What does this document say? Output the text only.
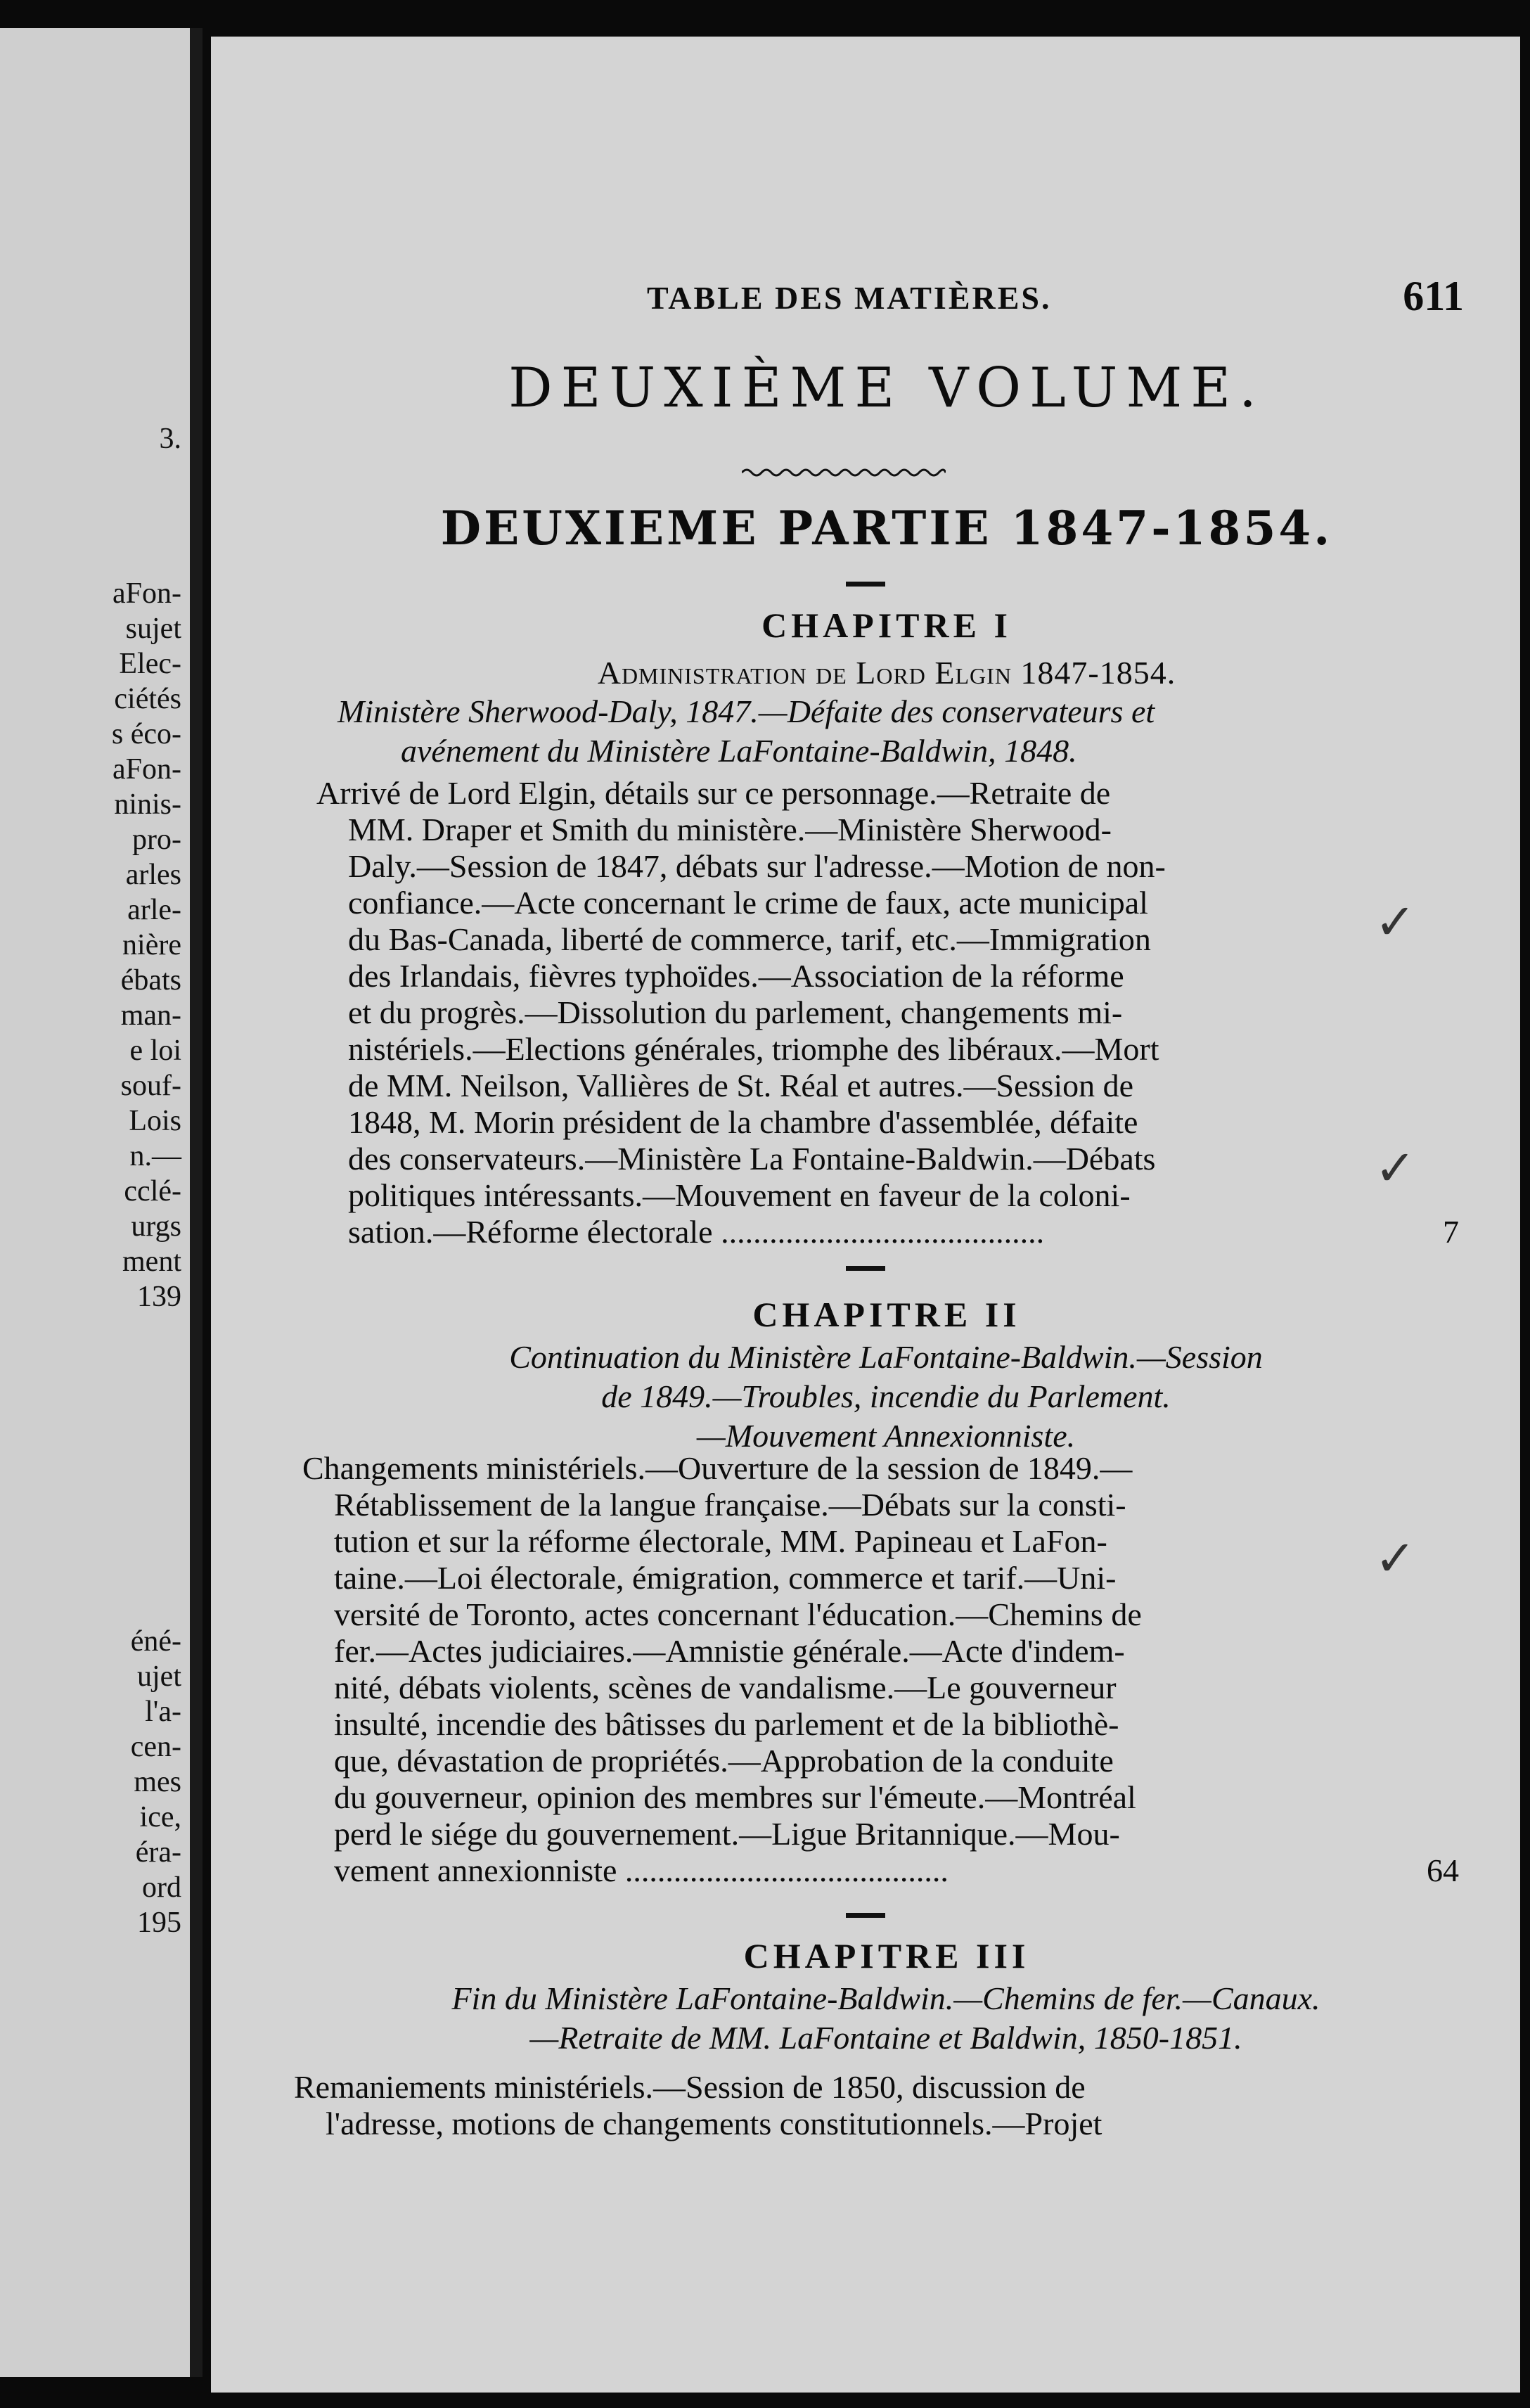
3.
aFon-
sujet
Elec-
ciétés
s éco-
aFon-
ninis-
pro-
arles
arle-
nière
ébats
man-
e loi
souf-
Lois
n.—
cclé-
urgs
ment
139
éné-
ujet
l'a-
cen-
mes
ice,
éra-
ord
195
TABLE DES MATIÈRES.	611
DEUXIÈME VOLUME.
DEUXIEME PARTIE 1847-1854.
CHAPITRE I
Administration de Lord Elgin 1847-1854.
Ministère Sherwood-Daly, 1847.—Défaite des conservateurs et
avénement du Ministère LaFontaine-Baldwin, 1848.
Arrivé de Lord Elgin, détails sur ce personnage.—Retraite de
MM. Draper et Smith du ministère.—Ministère Sherwood-
Daly.—Session de 1847, débats sur l'adresse.—Motion de non-
confiance.—Acte concernant le crime de faux, acte municipal
du Bas-Canada, liberté de commerce, tarif, etc.—Immigration
des Irlandais, fièvres typhoïdes.—Association de la réforme
et du progrès.—Dissolution du parlement, changements mi-
nistériels.—Elections générales, triomphe des libéraux.—Mort
de MM. Neilson, Vallières de St. Réal et autres.—Session de
1848, M. Morin président de la chambre d'assemblée, défaite
des conservateurs.—Ministère La Fontaine-Baldwin.—Débats
politiques intéressants.—Mouvement en faveur de la coloni-
sation.—Réforme électorale ........................................	7
CHAPITRE II
Continuation du Ministère LaFontaine-Baldwin.—Session
de 1849.—Troubles, incendie du Parlement.
—Mouvement Annexionniste.
Changements ministériels.—Ouverture de la session de 1849.—
Rétablissement de la langue française.—Débats sur la consti-
tution et sur la réforme électorale, MM. Papineau et LaFon-
taine.—Loi électorale, émigration, commerce et tarif.—Uni-
versité de Toronto, actes concernant l'éducation.—Chemins de
fer.—Actes judiciaires.—Amnistie générale.—Acte d'indem-
nité, débats violents, scènes de vandalisme.—Le gouverneur
insulté, incendie des bâtisses du parlement et de la bibliothè-
que, dévastation de propriétés.—Approbation de la conduite
du gouverneur, opinion des membres sur l'émeute.—Montréal
perd le siége du gouvernement.—Ligue Britannique.—Mou-
vement annexionniste ........................................	64
CHAPITRE III
Fin du Ministère LaFontaine-Baldwin.—Chemins de fer.—Canaux.
—Retraite de MM. LaFontaine et Baldwin, 1850-1851.
Remaniements ministériels.—Session de 1850, discussion de
l'adresse, motions de changements constitutionnels.—Projet
✓
✓
✓
